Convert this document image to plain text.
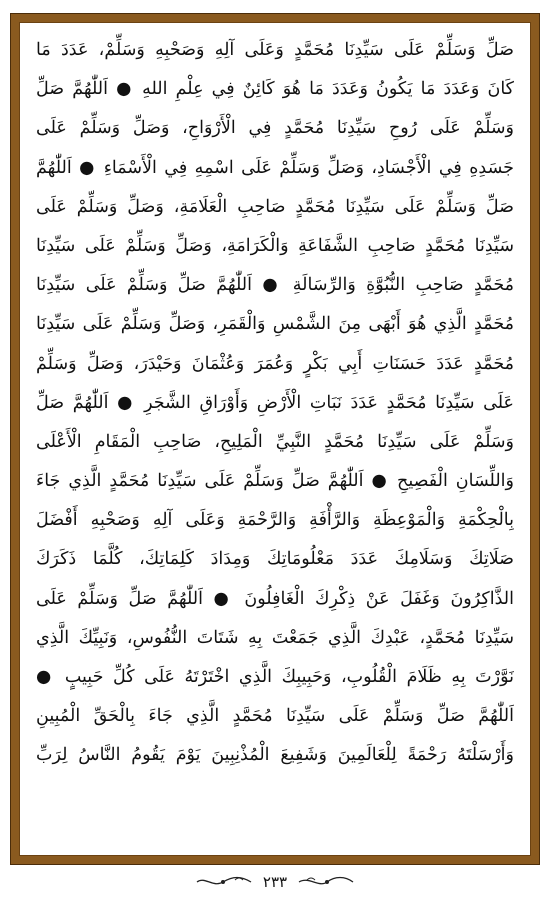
صَلِّ وَسَلِّمْ عَلَى سَيِّدِنَا مُحَمَّدٍ وَعَلَى آلِهِ وَصَحْبِهِ وَسَلِّمْ، عَدَدَ مَا
كَانَ وَعَدَدَ مَا يَكُونُ وَعَدَدَ مَا هُوَ كَائِنٌ فِي عِلْمِ اللهِ ● اَللّٰهُمَّ صَلِّ
وَسَلِّمْ عَلَى رُوحِ سَيِّدِنَا مُحَمَّدٍ فِي الْأَرْوَاحِ، وَصَلِّ وَسَلِّمْ عَلَى
جَسَدِهِ فِي الْأَجْسَادِ، وَصَلِّ وَسَلِّمْ عَلَى اسْمِهِ فِي الْأَسْمَاءِ ● اَللّٰهُمَّ
صَلِّ وَسَلِّمْ عَلَى سَيِّدِنَا مُحَمَّدٍ صَاحِبِ الْعَلَامَةِ، وَصَلِّ وَسَلِّمْ عَلَى
سَيِّدِنَا مُحَمَّدٍ صَاحِبِ الشَّفَاعَةِ وَالْكَرَامَةِ، وَصَلِّ وَسَلِّمْ عَلَى سَيِّدِنَا
مُحَمَّدٍ صَاحِبِ النُّبُوَّةِ وَالرِّسَالَةِ ● اَللّٰهُمَّ صَلِّ وَسَلِّمْ عَلَى سَيِّدِنَا
مُحَمَّدٍ الَّذِي هُوَ أَبْهَى مِنَ الشَّمْسِ وَالْقَمَرِ، وَصَلِّ وَسَلِّمْ عَلَى سَيِّدِنَا
مُحَمَّدٍ عَدَدَ حَسَنَاتِ أَبِي بَكْرٍ وَعُمَرَ وَعُثْمَانَ وَحَيْدَرَ، وَصَلِّ وَسَلِّمْ
عَلَى سَيِّدِنَا مُحَمَّدٍ عَدَدَ نَبَاتِ الْأَرْضِ وَأَوْرَاقِ الشَّجَرِ ● اَللّٰهُمَّ صَلِّ
وَسَلِّمْ عَلَى سَيِّدِنَا مُحَمَّدٍ النَّبِيِّ الْمَلِيحِ، صَاحِبِ الْمَقَامِ الْأَعْلَى
وَاللِّسَانِ الْفَصِيحِ ● اَللّٰهُمَّ صَلِّ وَسَلِّمْ عَلَى سَيِّدِنَا مُحَمَّدٍ الَّذِي جَاءَ
بِالْحِكْمَةِ وَالْمَوْعِظَةِ وَالرَّأْفَةِ وَالرَّحْمَةِ وَعَلَى آلِهِ وَصَحْبِهِ أَفْضَلَ
صَلَاتِكَ وَسَلَامِكَ عَدَدَ مَعْلُومَاتِكَ وَمِدَادَ كَلِمَاتِكَ، كُلَّمَا ذَكَرَكَ
الذَّاكِرُونَ وَغَفَلَ عَنْ ذِكْرِكَ الْغَافِلُونَ ● اَللّٰهُمَّ صَلِّ وَسَلِّمْ عَلَى
سَيِّدِنَا مُحَمَّدٍ، عَبْدِكَ الَّذِي جَمَعْتَ بِهِ شَتَاتَ النُّفُوسِ، وَنَبِيِّكَ الَّذِي
نَوَّرْتَ بِهِ ظَلَامَ الْقُلُوبِ، وَحَبِيبِكَ الَّذِي اخْتَرْتَهُ عَلَى كُلِّ حَبِيبٍ ●
اَللّٰهُمَّ صَلِّ وَسَلِّمْ عَلَى سَيِّدِنَا مُحَمَّدٍ الَّذِي جَاءَ بِالْحَقِّ الْمُبِينِ
وَأَرْسَلْتَهُ رَحْمَةً لِلْعَالَمِينَ وَشَفِيعَ الْمُذْنِبِينَ يَوْمَ يَقُومُ النَّاسُ لِرَبِّ
٢٣٣
